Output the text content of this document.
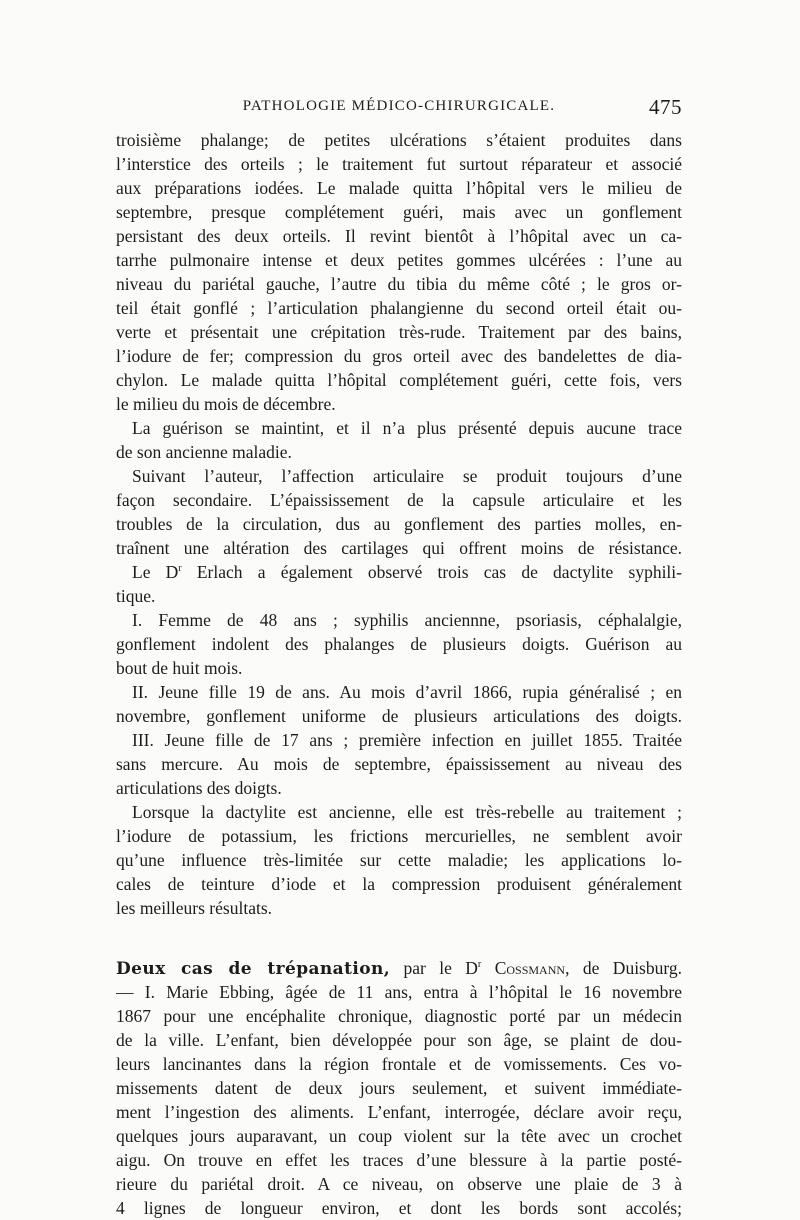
PATHOLOGIE MÉDICO-CHIRURGICALE.	475
troisième phalange; de petites ulcérations s’étaient produites dans
l’interstice des orteils ; le traitement fut surtout réparateur et associé
aux préparations iodées. Le malade quitta l’hôpital vers le milieu de
septembre, presque complétement guéri, mais avec un gonflement
persistant des deux orteils. Il revint bientôt à l’hôpital avec un ca-
tarrhe pulmonaire intense et deux petites gommes ulcérées : l’une au
niveau du pariétal gauche, l’autre du tibia du même côté ; le gros or-
teil était gonflé ; l’articulation phalangienne du second orteil était ou-
verte et présentait une crépitation très-rude. Traitement par des bains,
l’iodure de fer; compression du gros orteil avec des bandelettes de dia-
chylon. Le malade quitta l’hôpital complétement guéri, cette fois, vers
le milieu du mois de décembre.
La guérison se maintint, et il n’a plus présenté depuis aucune trace
de son ancienne maladie.
Suivant l’auteur, l’affection articulaire se produit toujours d’une
façon secondaire. L’épaississement de la capsule articulaire et les
troubles de la circulation, dus au gonflement des parties molles, en-
traînent une altération des cartilages qui offrent moins de résistance.
Le $D^r$ Erlach a également observé trois cas de dactylite syphili-
tique.
I. Femme de 48 ans ; syphilis anciennne, psoriasis, céphalalgie,
gonflement indolent des phalanges de plusieurs doigts. Guérison au
bout de huit mois.
II. Jeune fille 19 de ans. Au mois d’avril 1866, rupia généralisé ; en
novembre, gonflement uniforme de plusieurs articulations des doigts.
III. Jeune fille de 17 ans ; première infection en juillet 1855. Traitée
sans mercure. Au mois de septembre, épaississement au niveau des
articulations des doigts.
Lorsque la dactylite est ancienne, elle est très-rebelle au traitement ;
l’iodure de potassium, les frictions mercurielles, ne semblent avoir
qu’une influence très-limitée sur cette maladie; les applications lo-
cales de teinture d’iode et la compression produisent généralement
les meilleurs résultats.
Deux cas de trépanation, par le $D^r$ Cossmann, de Duisburg.
— I. Marie Ebbing, âgée de 11 ans, entra à l’hôpital le 16 novembre
1867 pour une encéphalite chronique, diagnostic porté par un médecin
de la ville. L’enfant, bien développée pour son âge, se plaint de dou-
leurs lancinantes dans la région frontale et de vomissements. Ces vo-
missements datent de deux jours seulement, et suivent immédiate-
ment l’ingestion des aliments. L’enfant, interrogée, déclare avoir reçu,
quelques jours auparavant, un coup violent sur la tête avec un crochet
aigu. On trouve en effet les traces d’une blessure à la partie posté-
rieure du pariétal droit. A ce niveau, on observe une plaie de 3 à
4 lignes de longueur environ, et dont les bords sont accolés;
